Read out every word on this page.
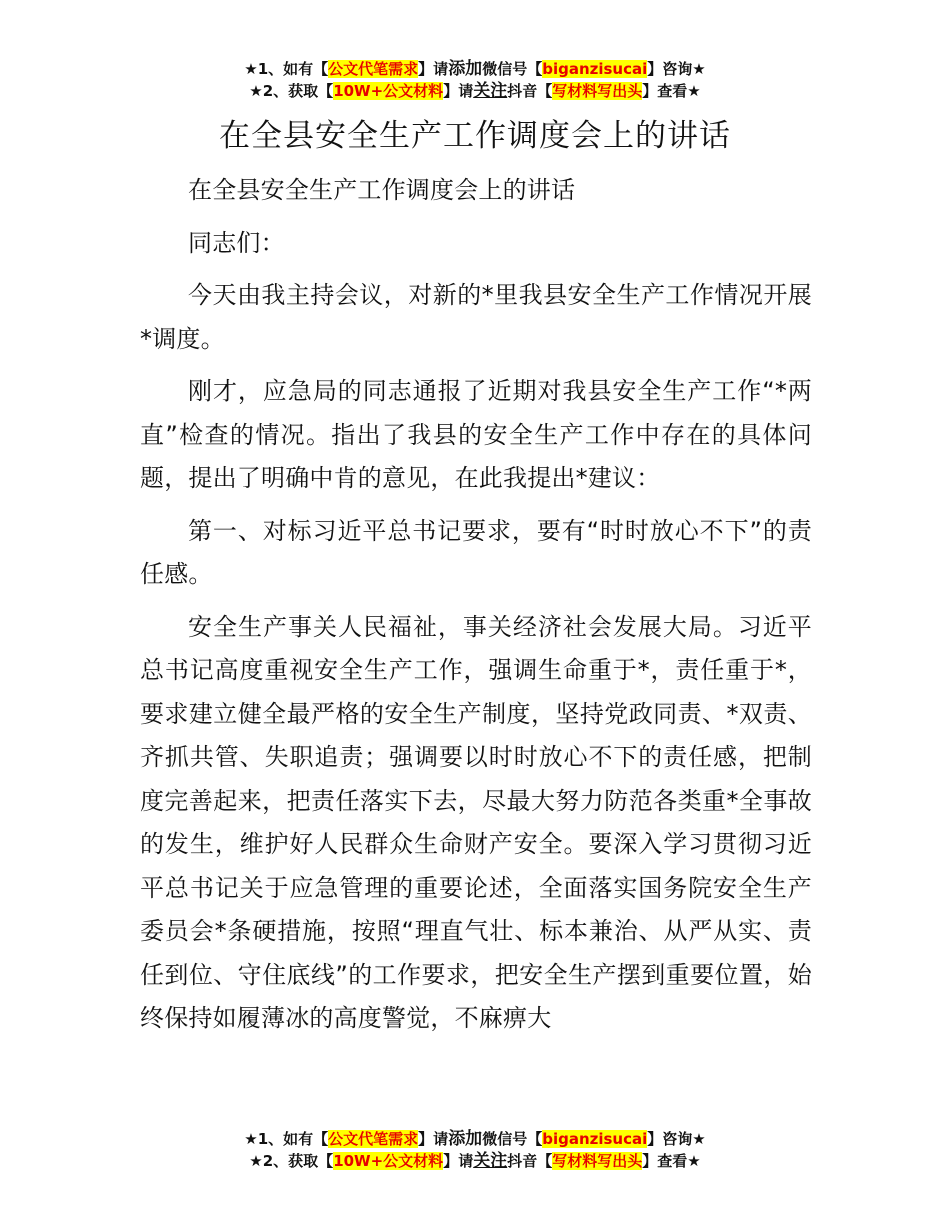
★1、如有【公文代笔需求】请添加微信号【biganzisucai】咨询★
★2、获取【10W+公文材料】请关注抖音【写材料写出头】查看★
在全县安全生产工作调度会上的讲话

在全县安全生产工作调度会上的讲话

同志们：

今天由我主持会议，对新的*里我县安全生产工作情况开展*调度。

刚才，应急局的同志通报了近期对我县安全生产工作“*两直”检查的情况。指出了我县的安全生产工作中存在的具体问题，提出了明确中肯的意见，在此我提出*建议：

第一、对标习近平总书记要求，要有“时时放心不下”的责任感。

安全生产事关人民福祉，事关经济社会发展大局。习近平总书记高度重视安全生产工作，强调生命重于*，责任重于*，要求建立健全最严格的安全生产制度，坚持党政同责、*双责、齐抓共管、失职追责；强调要以时时放心不下的责任感，把制度完善起来，把责任落实下去，尽最大努力防范各类重*全事故的发生，维护好人民群众生命财产安全。要深入学习贯彻习近平总书记关于应急管理的重要论述，全面落实国务院安全生产委员会*条硬措施，按照“理直气壮、标本兼治、从严从实、责任到位、守住底线”的工作要求，把安全生产摆到重要位置，始终保持如履薄冰的高度警觉，不麻痹大

★1、如有【公文代笔需求】请添加微信号【biganzisucai】咨询★
★2、获取【10W+公文材料】请关注抖音【写材料写出头】查看★
